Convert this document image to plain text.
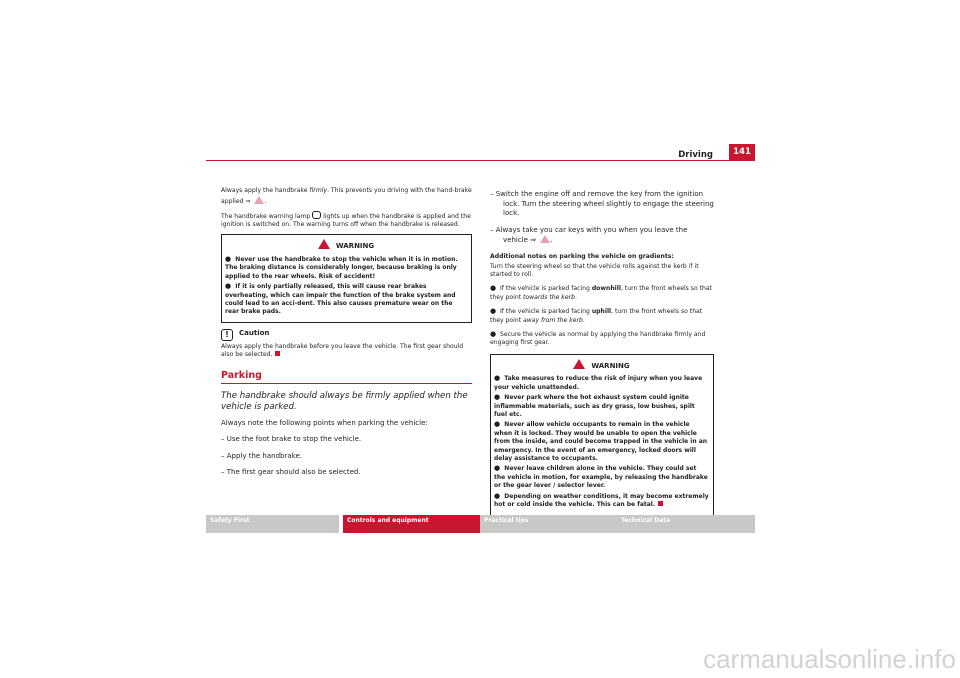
Driving	141

Always apply the handbrake firmly. This prevents you driving with the hand-brake applied ⇒ .

The handbrake warning lamp  lights up when the handbrake is applied and the ignition is switched on. The warning turns off when the handbrake is released.

WARNING

● Never use the handbrake to stop the vehicle when it is in motion. The braking distance is considerably longer, because braking is only applied to the rear wheels. Risk of accident!

● If it is only partially released, this will cause rear brakes overheating, which can impair the function of the brake system and could lead to an acci-dent. This also causes premature wear on the rear brake pads.

! Caution

Always apply the handbrake before you leave the vehicle. The first gear should also be selected.

Parking
The handbrake should always be firmly applied when the vehicle is parked.

Always note the following points when parking the vehicle:

– Use the foot brake to stop the vehicle.

– Apply the handbrake.

– The first gear should also be selected.

– Switch the engine off and remove the key from the ignition lock. Turn the steering wheel slightly to engage the steering lock.

– Always take you car keys with you when you leave the vehicle ⇒ .

Additional notes on parking the vehicle on gradients:

Turn the steering wheel so that the vehicle rolls against the kerb if it started to roll.

● If the vehicle is parked facing downhill, turn the front wheels so that they point towards the kerb.

● If the vehicle is parked facing uphill, turn the front wheels so that they point away from the kerb.

● Secure the vehicle as normal by applying the handbrake firmly and engaging first gear.

WARNING

● Take measures to reduce the risk of injury when you leave your vehicle unattended.

● Never park where the hot exhaust system could ignite inflammable materials, such as dry grass, low bushes, spilt fuel etc.

● Never allow vehicle occupants to remain in the vehicle when it is locked. They would be unable to open the vehicle from the inside, and could become trapped in the vehicle in an emergency. In the event of an emergency, locked doors will delay assistance to occupants.

● Never leave children alone in the vehicle. They could set the vehicle in motion, for example, by releasing the handbrake or the gear lever / selector lever.

● Depending on weather conditions, it may become extremely hot or cold inside the vehicle. This can be fatal.

Safety First	Controls and equipment	Practical tips	Technical Data
carmanualsonline.info
